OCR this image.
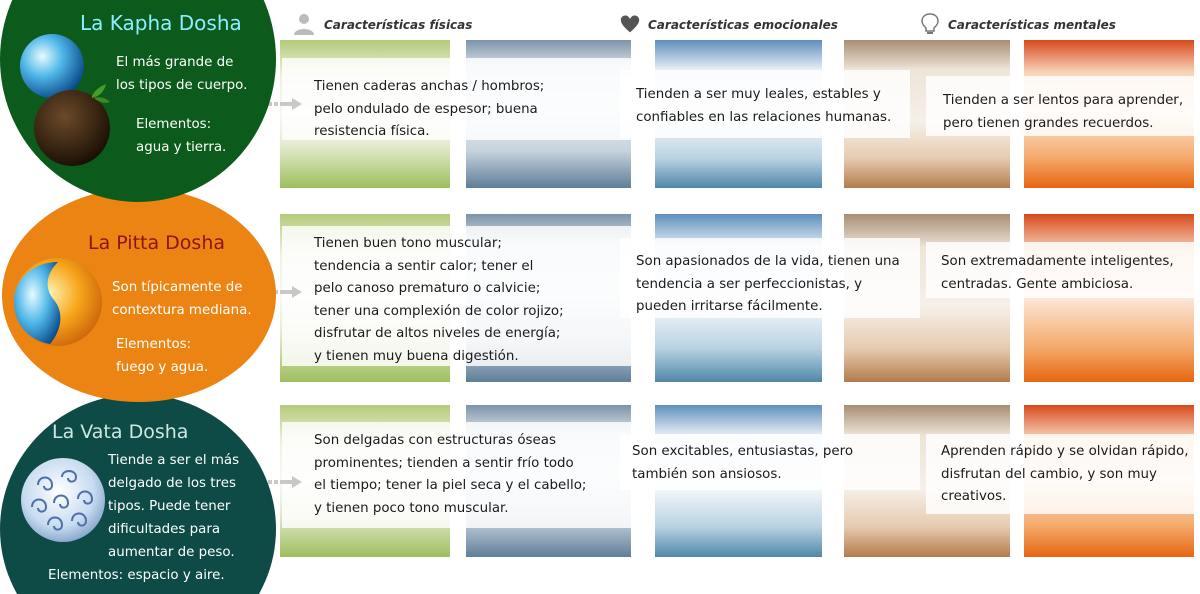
Características físicas	Características emocionales	Características mentales
Tienen caderas anchas / hombros;
pelo ondulado de espesor; buena
resistencia física.
Tienden a ser muy leales, estables y
confiables en las relaciones humanas.
Tienden a ser lentos para aprender,
pero tienen grandes recuerdos.
Tienen buen tono muscular;
tendencia a sentir calor; tener el
pelo canoso prematuro o calvicie;
tener una complexión de color rojizo;
disfrutar de altos niveles de energía;
y tienen muy buena digestión.
Son apasionados de la vida, tienen una
tendencia a ser perfeccionistas, y
pueden irritarse fácilmente.
Son extremadamente inteligentes,
centradas. Gente ambiciosa.
Son delgadas con estructuras óseas
prominentes; tienden a sentir frío todo
el tiempo; tener la piel seca y el cabello;
y tienen poco tono muscular.
Son excitables, entusiastas, pero
también son ansiosos.
Aprenden rápido y se olvidan rápido,
disfrutan del cambio, y son muy
creativos.
La Kapha Dosha
El más grande de
los tipos de cuerpo.
Elementos:
agua y tierra.
La Pitta Dosha
Son típicamente de
contextura mediana.
Elementos:
fuego y agua.
La Vata Dosha
Tiende a ser el más
delgado de los tres
tipos. Puede tener
dificultades para
aumentar de peso.
Elementos: espacio y aire.
